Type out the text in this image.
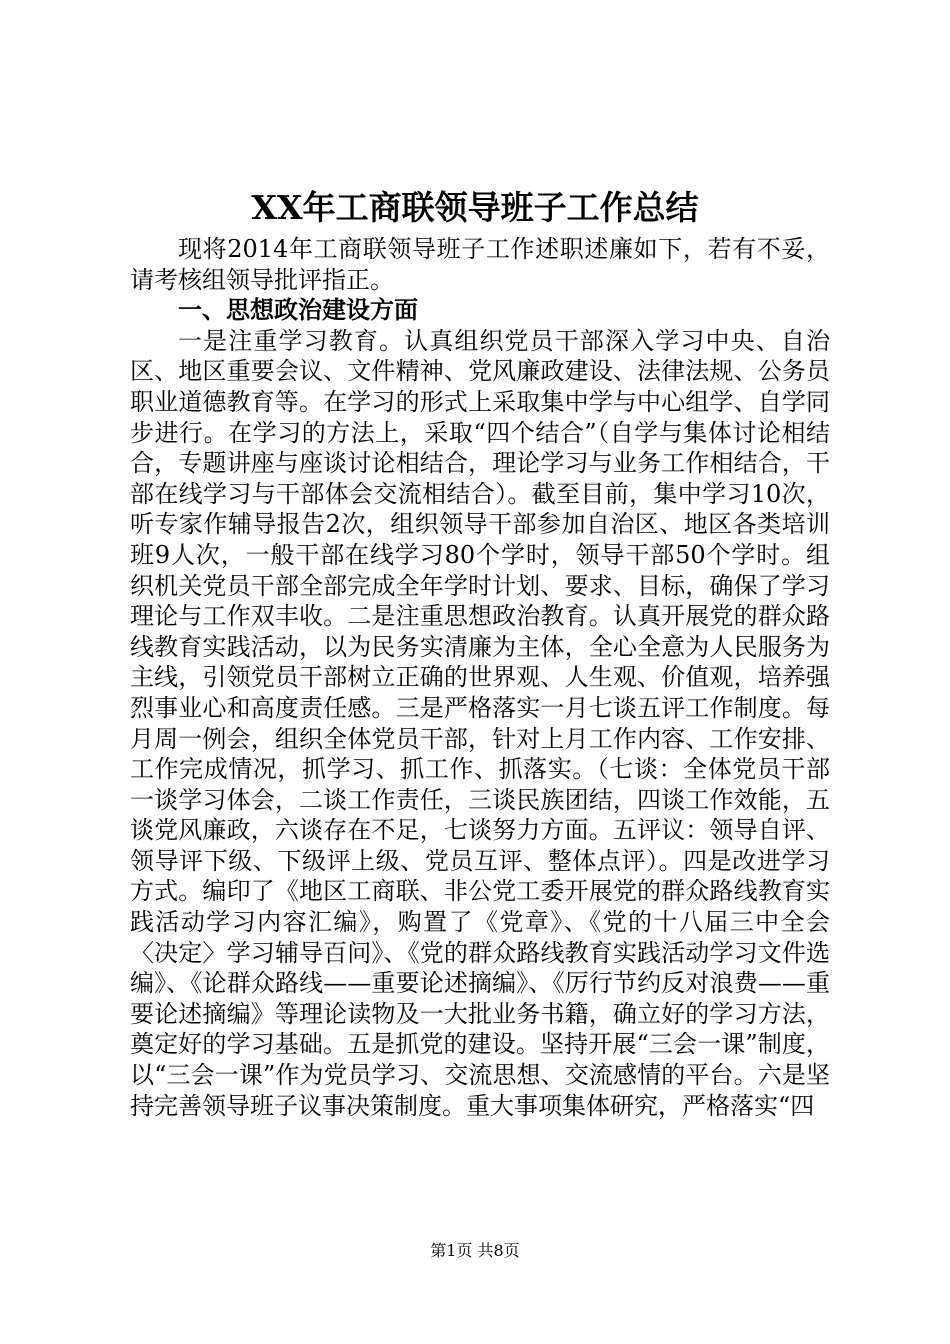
XX年工商联领导班子工作总结

现将2014年工商联领导班子工作述职述廉如下，若有不妥，请考核组领导批评指正。

一、思想政治建设方面

一是注重学习教育。认真组织党员干部深入学习中央、自治区、地区重要会议、文件精神、党风廉政建设、法律法规、公务员职业道德教育等。在学习的形式上采取集中学与中心组学、自学同步进行。在学习的方法上，采取“四个结合”（自学与集体讨论相结合，专题讲座与座谈讨论相结合，理论学习与业务工作相结合，干部在线学习与干部体会交流相结合）。截至目前，集中学习10次，听专家作辅导报告2次，组织领导干部参加自治区、地区各类培训班9人次，一般干部在线学习80个学时，领导干部50个学时。组织机关党员干部全部完成全年学时计划、要求、目标，确保了学习理论与工作双丰收。二是注重思想政治教育。认真开展党的群众路线教育实践活动，以为民务实清廉为主体，全心全意为人民服务为主线，引领党员干部树立正确的世界观、人生观、价值观，培养强烈事业心和高度责任感。三是严格落实一月七谈五评工作制度。每月周一例会，组织全体党员干部，针对上月工作内容、工作安排、工作完成情况，抓学习、抓工作、抓落实。（七谈：全体党员干部一谈学习体会，二谈工作责任，三谈民族团结，四谈工作效能，五谈党风廉政，六谈存在不足，七谈努力方面。五评议：领导自评、领导评下级、下级评上级、党员互评、整体点评）。四是改进学习方式。编印了《地区工商联、非公党工委开展党的群众路线教育实践活动学习内容汇编》，购置了《党章》、《党的十八届三中全会〈决定〉学习辅导百问》、《党的群众路线教育实践活动学习文件选编》、《论群众路线——重要论述摘编》、《厉行节约反对浪费——重要论述摘编》等理论读物及一大批业务书籍，确立好的学习方法，奠定好的学习基础。五是抓党的建设。坚持开展“三会一课”制度，以“三会一课”作为党员学习、交流思想、交流感情的平台。六是坚持完善领导班子议事决策制度。重大事项集体研究，严格落实“四

第1页 共8页
